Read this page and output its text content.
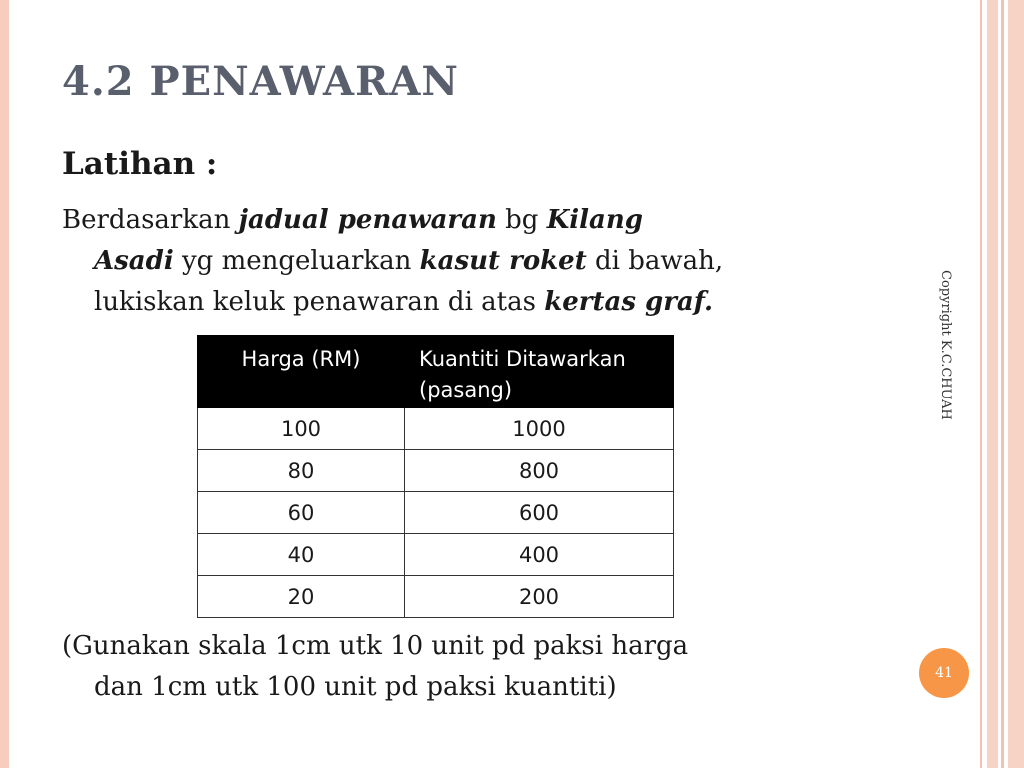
4.2 PENAWARAN
Latihan :
Berdasarkan jadual penawaran bg Kilang
Asadi yg mengeluarkan kasut roket di bawah,
lukiskan keluk penawaran di atas kertas graf.
Harga (RM)	Kuantiti Ditawarkan (pasang)
100	1000
80	800
60	600
40	400
20	200
(Gunakan skala 1cm utk 10 unit pd paksi harga
dan 1cm utk 100 unit pd paksi kuantiti)
Copyright K.C.CHUAH
41
